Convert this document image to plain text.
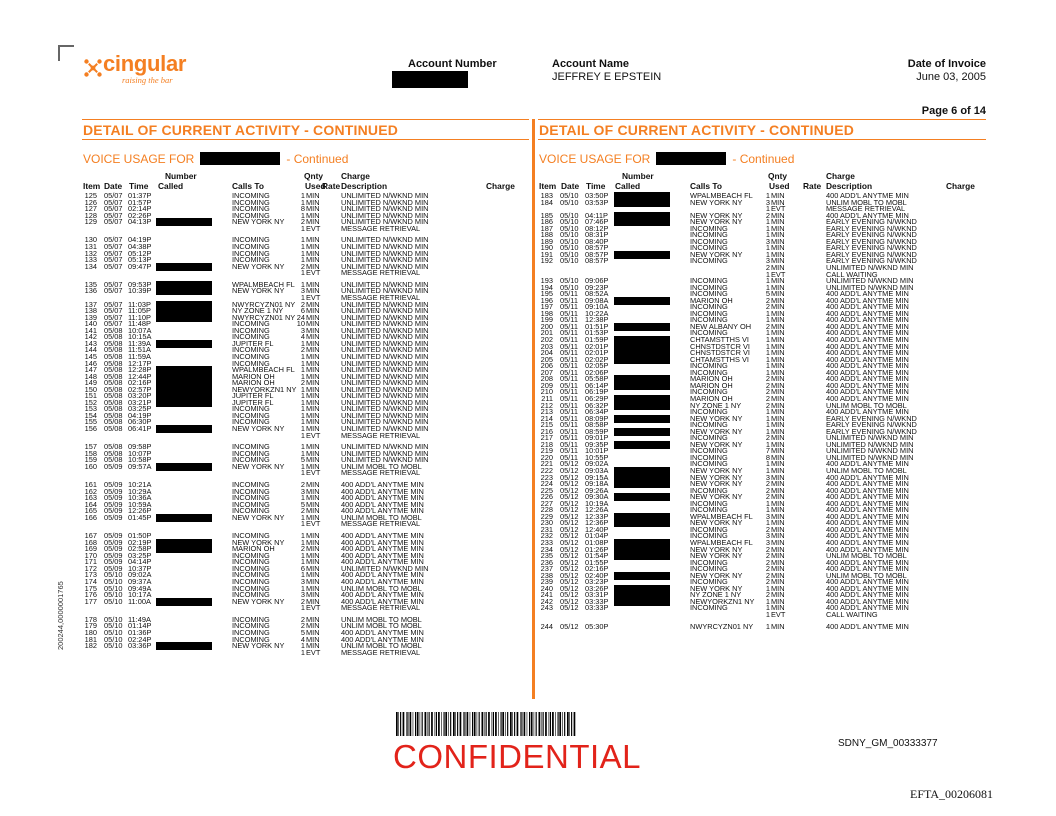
cingular
raising the bar
Account Number	Account Name
JEFFREY E EPSTEIN
Date of Invoice
June 03, 2005
Page 6 of 14
DETAIL OF CURRENT ACTIVITY - CONTINUED	DETAIL OF CURRENT ACTIVITY - CONTINUED
VOICE USAGE FOR	- Continued	VOICE USAGE FOR	- Continued
Number	Qnty Charge
Item Date Time Called	Calls To	Used
Rate Description	Charge
Number	Qnty	Charge
Item Date Time Called	Calls To	Used Rate Description	Charge
125 05/07 01:37P	INCOMING	1 MIN	UNLIMITED N/WKND MIN
126 05/07 01:57P	INCOMING	1 MIN	UNLIMITED N/WKND MIN
127 05/07 02:14P	INCOMING	8 MIN	UNLIMITED N/WKND MIN
128 05/07 02:26P	INCOMING	1 MIN	UNLIMITED N/WKND MIN
129 05/07 04:13P	NEW YORK NY	2 MIN	UNLIMITED N/WKND MIN
1 EVT	MESSAGE RETRIEVAL
130 05/07 04:19P	INCOMING	1 MIN	UNLIMITED N/WKND MIN
131 05/07 04:38P	INCOMING	1 MIN	UNLIMITED N/WKND MIN
132 05/07 05:12P	INCOMING	1 MIN	UNLIMITED N/WKND MIN
133 05/07 05:13P	INCOMING	1 MIN	UNLIMITED N/WKND MIN
134 05/07 09:47P	NEW YORK NY	2 MIN	UNLIMITED N/WKND MIN
1 EVT	MESSAGE RETRIEVAL
135 05/07 09:53P	WPALMBEACH FL 1 MIN	UNLIMITED N/WKND MIN
136 05/07 10:39P	NEW YORK NY	3 MIN	UNLIMITED N/WKND MIN
1 EVT	MESSAGE RETRIEVAL
137 05/07 11:03P	NWYRCYZN01 NY 2 MIN	UNLIMITED N/WKND MIN
138 05/07 11:05P	NY ZONE 1 NY	6 MIN	UNLIMITED N/WKND MIN
139 05/07 11:10P	NWYRCYZN01 NY 24 MIN	UNLIMITED N/WKND MIN
140 05/07 11:48P	INCOMING	10 MIN	UNLIMITED N/WKND MIN
141 05/08 10:07A	INCOMING	3 MIN	UNLIMITED N/WKND MIN
142 05/08 10:15A	INCOMING	4 MIN	UNLIMITED N/WKND MIN
143 05/08 11:39A	JUPITER FL	1 MIN	UNLIMITED N/WKND MIN
144 05/08 11:51A	INCOMING	2 MIN	UNLIMITED N/WKND MIN
145 05/08 11:59A	INCOMING	1 MIN	UNLIMITED N/WKND MIN
146 05/08 12:17P	INCOMING	1 MIN	UNLIMITED N/WKND MIN
147 05/08 12:28P	WPALMBEACH FL 1 MIN	UNLIMITED N/WKND MIN
148 05/08 12:44P	MARION OH	1 MIN	UNLIMITED N/WKND MIN
149 05/08 02:16P	MARION OH	2 MIN	UNLIMITED N/WKND MIN
150 05/08 02:57P	NEWYORKZN1 NY 1 MIN	UNLIMITED N/WKND MIN
151 05/08 03:20P	JUPITER FL	1 MIN	UNLIMITED N/WKND MIN
152 05/08 03:21P	JUPITER FL	1 MIN	UNLIMITED N/WKND MIN
153 05/08 03:25P	INCOMING	1 MIN	UNLIMITED N/WKND MIN
154 05/08 04:19P	INCOMING	1 MIN	UNLIMITED N/WKND MIN
155 05/08 06:30P	INCOMING	1 MIN	UNLIMITED N/WKND MIN
156 05/08 06:41P	NEW YORK NY	1 MIN	UNLIMITED N/WKND MIN
1 EVT	MESSAGE RETRIEVAL
157 05/08 09:58P	INCOMING	1 MIN	UNLIMITED N/WKND MIN
158 05/08 10:07P	INCOMING	1 MIN	UNLIMITED N/WKND MIN
159 05/08 10:58P	INCOMING	5 MIN	UNLIMITED N/WKND MIN
160 05/09 09:57A	NEW YORK NY	1 MIN	UNLIM MOBL TO MOBL
1 EVT	MESSAGE RETRIEVAL
161 05/09 10:21A	INCOMING	2 MIN	400 ADD'L ANYTME MIN
162 05/09 10:29A	INCOMING	3 MIN	400 ADD'L ANYTME MIN
163 05/09 10:36A	INCOMING	1 MIN	400 ADD'L ANYTME MIN
164 05/09 10:59A	INCOMING	5 MIN	400 ADD'L ANYTME MIN
165 05/09 12:26P	INCOMING	2 MIN	400 ADD'L ANYTME MIN
166 05/09 01:45P	NEW YORK NY	1 MIN	UNLIM MOBL TO MOBL
1 EVT	MESSAGE RETRIEVAL
167 05/09 01:50P	INCOMING	1 MIN	400 ADD'L ANYTME MIN
168 05/09 02:19P	NEW YORK NY	1 MIN	400 ADD'L ANYTME MIN
169 05/09 02:58P	MARION OH	2 MIN	400 ADD'L ANYTME MIN
170 05/09 03:25P	INCOMING	1 MIN	400 ADD'L ANYTME MIN
171 05/09 04:14P	INCOMING	1 MIN	400 ADD'L ANYTME MIN
172 05/09 10:37P	INCOMING	6 MIN	UNLIMITED N/WKND MIN
173 05/10 09:02A	INCOMING	1 MIN	400 ADD'L ANYTME MIN
174 05/10 09:37A	INCOMING	3 MIN	400 ADD'L ANYTME MIN
175 05/10 09:49A	INCOMING	1 MIN	UNLIM MOBL TO MOBL
176 05/10 10:17A	INCOMING	3 MIN	400 ADD'L ANYTME MIN
177 05/10 11:00A	NEW YORK NY	2 MIN	400 ADD'L ANYTME MIN
1 EVT	MESSAGE RETRIEVAL
178 05/10 11:49A	INCOMING	2 MIN	UNLIM MOBL TO MOBL
179 05/10 01:14P	INCOMING	2 MIN	UNLIM MOBL TO MOBL
180 05/10 01:36P	INCOMING	5 MIN	400 ADD'L ANYTME MIN
181 05/10 02:24P	INCOMING	4 MIN	400 ADD'L ANYTME MIN
182 05/10 03:36P	NEW YORK NY	1 MIN	UNLIM MOBL TO MOBL
1 EVT	MESSAGE RETRIEVAL
183 05/10 03:50P	WPALMBEACH FL	1 MIN	400 ADD'L ANYTME MIN
184 05/10 03:53P	NEW YORK NY	3 MIN	UNLIM MOBL TO MOBL
1 EVT	MESSAGE RETRIEVAL
185 05/10 04:11P	NEW YORK NY	2 MIN	400 ADD'L ANYTME MIN
186 05/10 07:46P	NEW YORK NY	1 MIN	EARLY EVENING N/WKND
187 05/10 08:12P	INCOMING	1 MIN	EARLY EVENING N/WKND
188 05/10 08:31P	INCOMING	1 MIN	EARLY EVENING N/WKND
189 05/10 08:40P	INCOMING	3 MIN	EARLY EVENING N/WKND
190 05/10 08:57P	INCOMING	1 MIN	EARLY EVENING N/WKND
191 05/10 08:57P	NEW YORK NY	1 MIN	EARLY EVENING N/WKND
192 05/10 08:57P	INCOMING	3 MIN	EARLY EVENING N/WKND
2 MIN	UNLIMITED N/WKND MIN
1 EVT	CALL WAITING
193 05/10 09:06P	INCOMING	1 MIN	UNLIMITED N/WKND MIN
194 05/10 09:23P	INCOMING	1 MIN	UNLIMITED N/WKND MIN
195 05/11 08:52A	INCOMING	5 MIN	400 ADD'L ANYTME MIN
196 05/11 09:08A	MARION OH	2 MIN	400 ADD'L ANYTME MIN
197 05/11 09:10A	INCOMING	2 MIN	400 ADD'L ANYTME MIN
198 05/11 10:22A	INCOMING	1 MIN	400 ADD'L ANYTME MIN
199 05/11 12:38P	INCOMING	1 MIN	400 ADD'L ANYTME MIN
200 05/11 01:51P	NEW ALBANY OH	2 MIN	400 ADD'L ANYTME MIN
201 05/11 01:53P	INCOMING	1 MIN	400 ADD'L ANYTME MIN
202 05/11 01:59P	CHTAMSTTHS VI	1 MIN	400 ADD'L ANYTME MIN
203 05/11 02:01P	CHNSTDSTCR VI	1 MIN	400 ADD'L ANYTME MIN
204 05/11 02:01P	CHNSTDSTCR VI	1 MIN	400 ADD'L ANYTME MIN
205 05/11 02:02P	CHTAMSTTHS VI	1 MIN	400 ADD'L ANYTME MIN
206 05/11 02:05P	INCOMING	1 MIN	400 ADD'L ANYTME MIN
207 05/11 02:06P	INCOMING	1 MIN	400 ADD'L ANYTME MIN
208 05/11 05:58P	MARION OH	2 MIN	400 ADD'L ANYTME MIN
209 05/11 06:14P	MARION OH	2 MIN	400 ADD'L ANYTME MIN
210 05/11 06:19P	INCOMING	2 MIN	400 ADD'L ANYTME MIN
211 05/11 06:29P	MARION OH	2 MIN	400 ADD'L ANYTME MIN
212 05/11 06:32P	NY ZONE 1 NY	2 MIN	UNLIM MOBL TO MOBL
213 05/11 06:34P	INCOMING	1 MIN	400 ADD'L ANYTME MIN
214 05/11 08:09P	NEW YORK NY	1 MIN	EARLY EVENING N/WKND
215 05/11 08:58P	INCOMING	1 MIN	EARLY EVENING N/WKND
216 05/11 08:59P	NEW YORK NY	1 MIN	EARLY EVENING N/WKND
217 05/11 09:01P	INCOMING	2 MIN	UNLIMITED N/WKND MIN
218 05/11 09:35P	NEW YORK NY	1 MIN	UNLIMITED N/WKND MIN
219 05/11 10:01P	INCOMING	7 MIN	UNLIMITED N/WKND MIN
220 05/11 10:55P	INCOMING	8 MIN	UNLIMITED N/WKND MIN
221 05/12 09:02A	INCOMING	1 MIN	400 ADD'L ANYTME MIN
222 05/12 09:03A	NEW YORK NY	1 MIN	UNLIM MOBL TO MOBL
223 05/12 09:15A	NEW YORK NY	3 MIN	400 ADD'L ANYTME MIN
224 05/12 09:18A	NEW YORK NY	2 MIN	400 ADD'L ANYTME MIN
225 05/12 09:26A	INCOMING	2 MIN	400 ADD'L ANYTME MIN
226 05/12 09:30A	NEW YORK NY	2 MIN	400 ADD'L ANYTME MIN
227 05/12 10:19A	INCOMING	1 MIN	400 ADD'L ANYTME MIN
228 05/12 12:26A	INCOMING	1 MIN	400 ADD'L ANYTME MIN
229 05/12 12:33P	WPALMBEACH FL	3 MIN	400 ADD'L ANYTME MIN
230 05/12 12:36P	NEW YORK NY	1 MIN	400 ADD'L ANYTME MIN
231 05/12 12:40P	INCOMING	2 MIN	400 ADD'L ANYTME MIN
232 05/12 01:04P	INCOMING	3 MIN	400 ADD'L ANYTME MIN
233 05/12 01:08P	WPALMBEACH FL	3 MIN	400 ADD'L ANYTME MIN
234 05/12 01:26P	NEW YORK NY	2 MIN	400 ADD'L ANYTME MIN
235 05/12 01:54P	NEW YORK NY	2 MIN	UNLIM MOBL TO MOBL
236 05/12 01:55P	INCOMING	2 MIN	400 ADD'L ANYTME MIN
237 05/12 02:16P	INCOMING	2 MIN	400 ADD'L ANYTME MIN
238 05/12 02:40P	NEW YORK NY	2 MIN	UNLIM MOBL TO MOBL
239 05/12 03:23P	INCOMING	2 MIN	400 ADD'L ANYTME MIN
240 05/12 03:26P	NEW YORK NY	1 MIN	400 ADD'L ANYTME MIN
241 05/12 03:31P	NY ZONE 1 NY	2 MIN	400 ADD'L ANYTME MIN
242 05/12 03:33P	NEWYORKZN1 NY	1 MIN	400 ADD'L ANYTME MIN
243 05/12 03:33P	INCOMING	1 MIN	400 ADD'L ANYTME MIN
1 EVT	CALL WAITING
244 05/12 05:30P	NWYRCYZN01 NY	1 MIN	400 ADD'L ANYTME MIN
200244,0000001765
CONFIDENTIAL	SDNY_GM_00333377
EFTA_00206081
